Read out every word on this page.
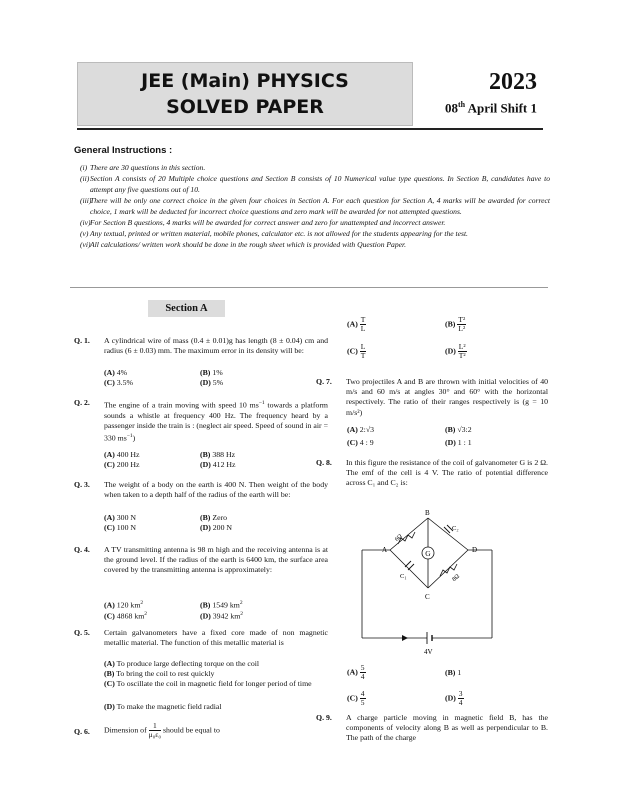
JEE (Main) PHYSICS
SOLVED PAPER
2023
08th April Shift 1
General Instructions :
(i) There are 30 questions in this section.
(ii) Section A consists of 20 Multiple choice questions and Section B consists of 10 Numerical value type questions. In Section B, candidates have to attempt any five questions out of 10.
(iii)
There will be only one correct choice in the given four choices in Section A. For each question for Section A, 4 marks will be awarded for correct choice, 1 mark will be deducted for incorrect choice questions and zero mark will be awarded for not attempted questions.
(iv) For Section B questions, 4 marks will be awarded for correct answer and zero for unattempted and incorrect answer.
(v) Any textual, printed or written material, mobile phones, calculator etc. is not allowed for the students appearing for the test.
(vi) All calculations/ written work should be done in the rough sheet which is provided with Question Paper.
Section A
Q. 1. A cylindrical wire of mass (0.4 ± 0.01)g has length (8 ± 0.04) cm and radius (6 ± 0.03) mm. The maximum error in its density will be:
(A) 4%	(B) 1%
(C) 3.5%	(D) 5%
Q. 2. The engine of a train moving with speed 10 $ms^{-1}$ towards a platform sounds a whistle at frequency 400 Hz. The frequency heard by a passenger inside the train is : (neglect air speed. Speed of sound in air = 330 $ms^{-1}$)
(A) 400 Hz	(B) 388 Hz
(C) 200 Hz	(D) 412 Hz
Q. 3. The weight of a body on the earth is 400 N. Then weight of the body when taken to a depth half of the radius of the earth will be:
(A) 300 N	(B) Zero
(C) 100 N	(D) 200 N
Q. 4. A TV transmitting antenna is 98 m high and the receiving antenna is at the ground level. If the radius of the earth is 6400 km, the surface area covered by the transmitting antenna is approximately:
(A) 120 $km^2$	(B) 1549 $km^2$
(C) 4868 $km^2$	(D) 3942 $km^2$
Q. 5. Certain galvanometers have a fixed core made of non magnetic metallic material. The function of this metallic material is
(A) To produce large deflecting torque on the coil
(B) To bring the coil to rest quickly
(C) To oscillate the coil in magnetic field for longer period of time
(D) To make the magnetic field radial
Q. 6. Dimension of $\frac{1}{\text{μ₀ε₀}}$ should be equal to
$(A) \frac{T}{L}$	$(B) \frac{\text{T²}}{\text{L²}}$
$(C) \frac{L}{T}$	$(D) \frac{\text{L²}}{\text{T²}}$
Q. 7. Two projectiles A and B are thrown with initial velocities of 40 m/s and 60 m/s at angles 30° and 60° with the horizontal respectively. The ratio of their ranges respectively is (g = 10 m/s²)
(A) 2:√3	(B) √3:2
(C) 4 : 9	(D) 1 : 1
Q. 8. In this figure the resistance of the coil of galvanometer G is 2 Ω. The emf of the cell is 4 V. The ratio of potential difference across C₁ and C₂ is:
G
B
A	D
C
6Ω
8Ω
C₂
C₁
4V
$(A) \frac{5}{4}$	(B) 1
$(C) \frac{4}{5}$	$(D) \frac{3}{4}$
Q. 9. A charge particle moving in magnetic field B, has the components of velocity along B as well as perpendicular to B. The path of the charge
